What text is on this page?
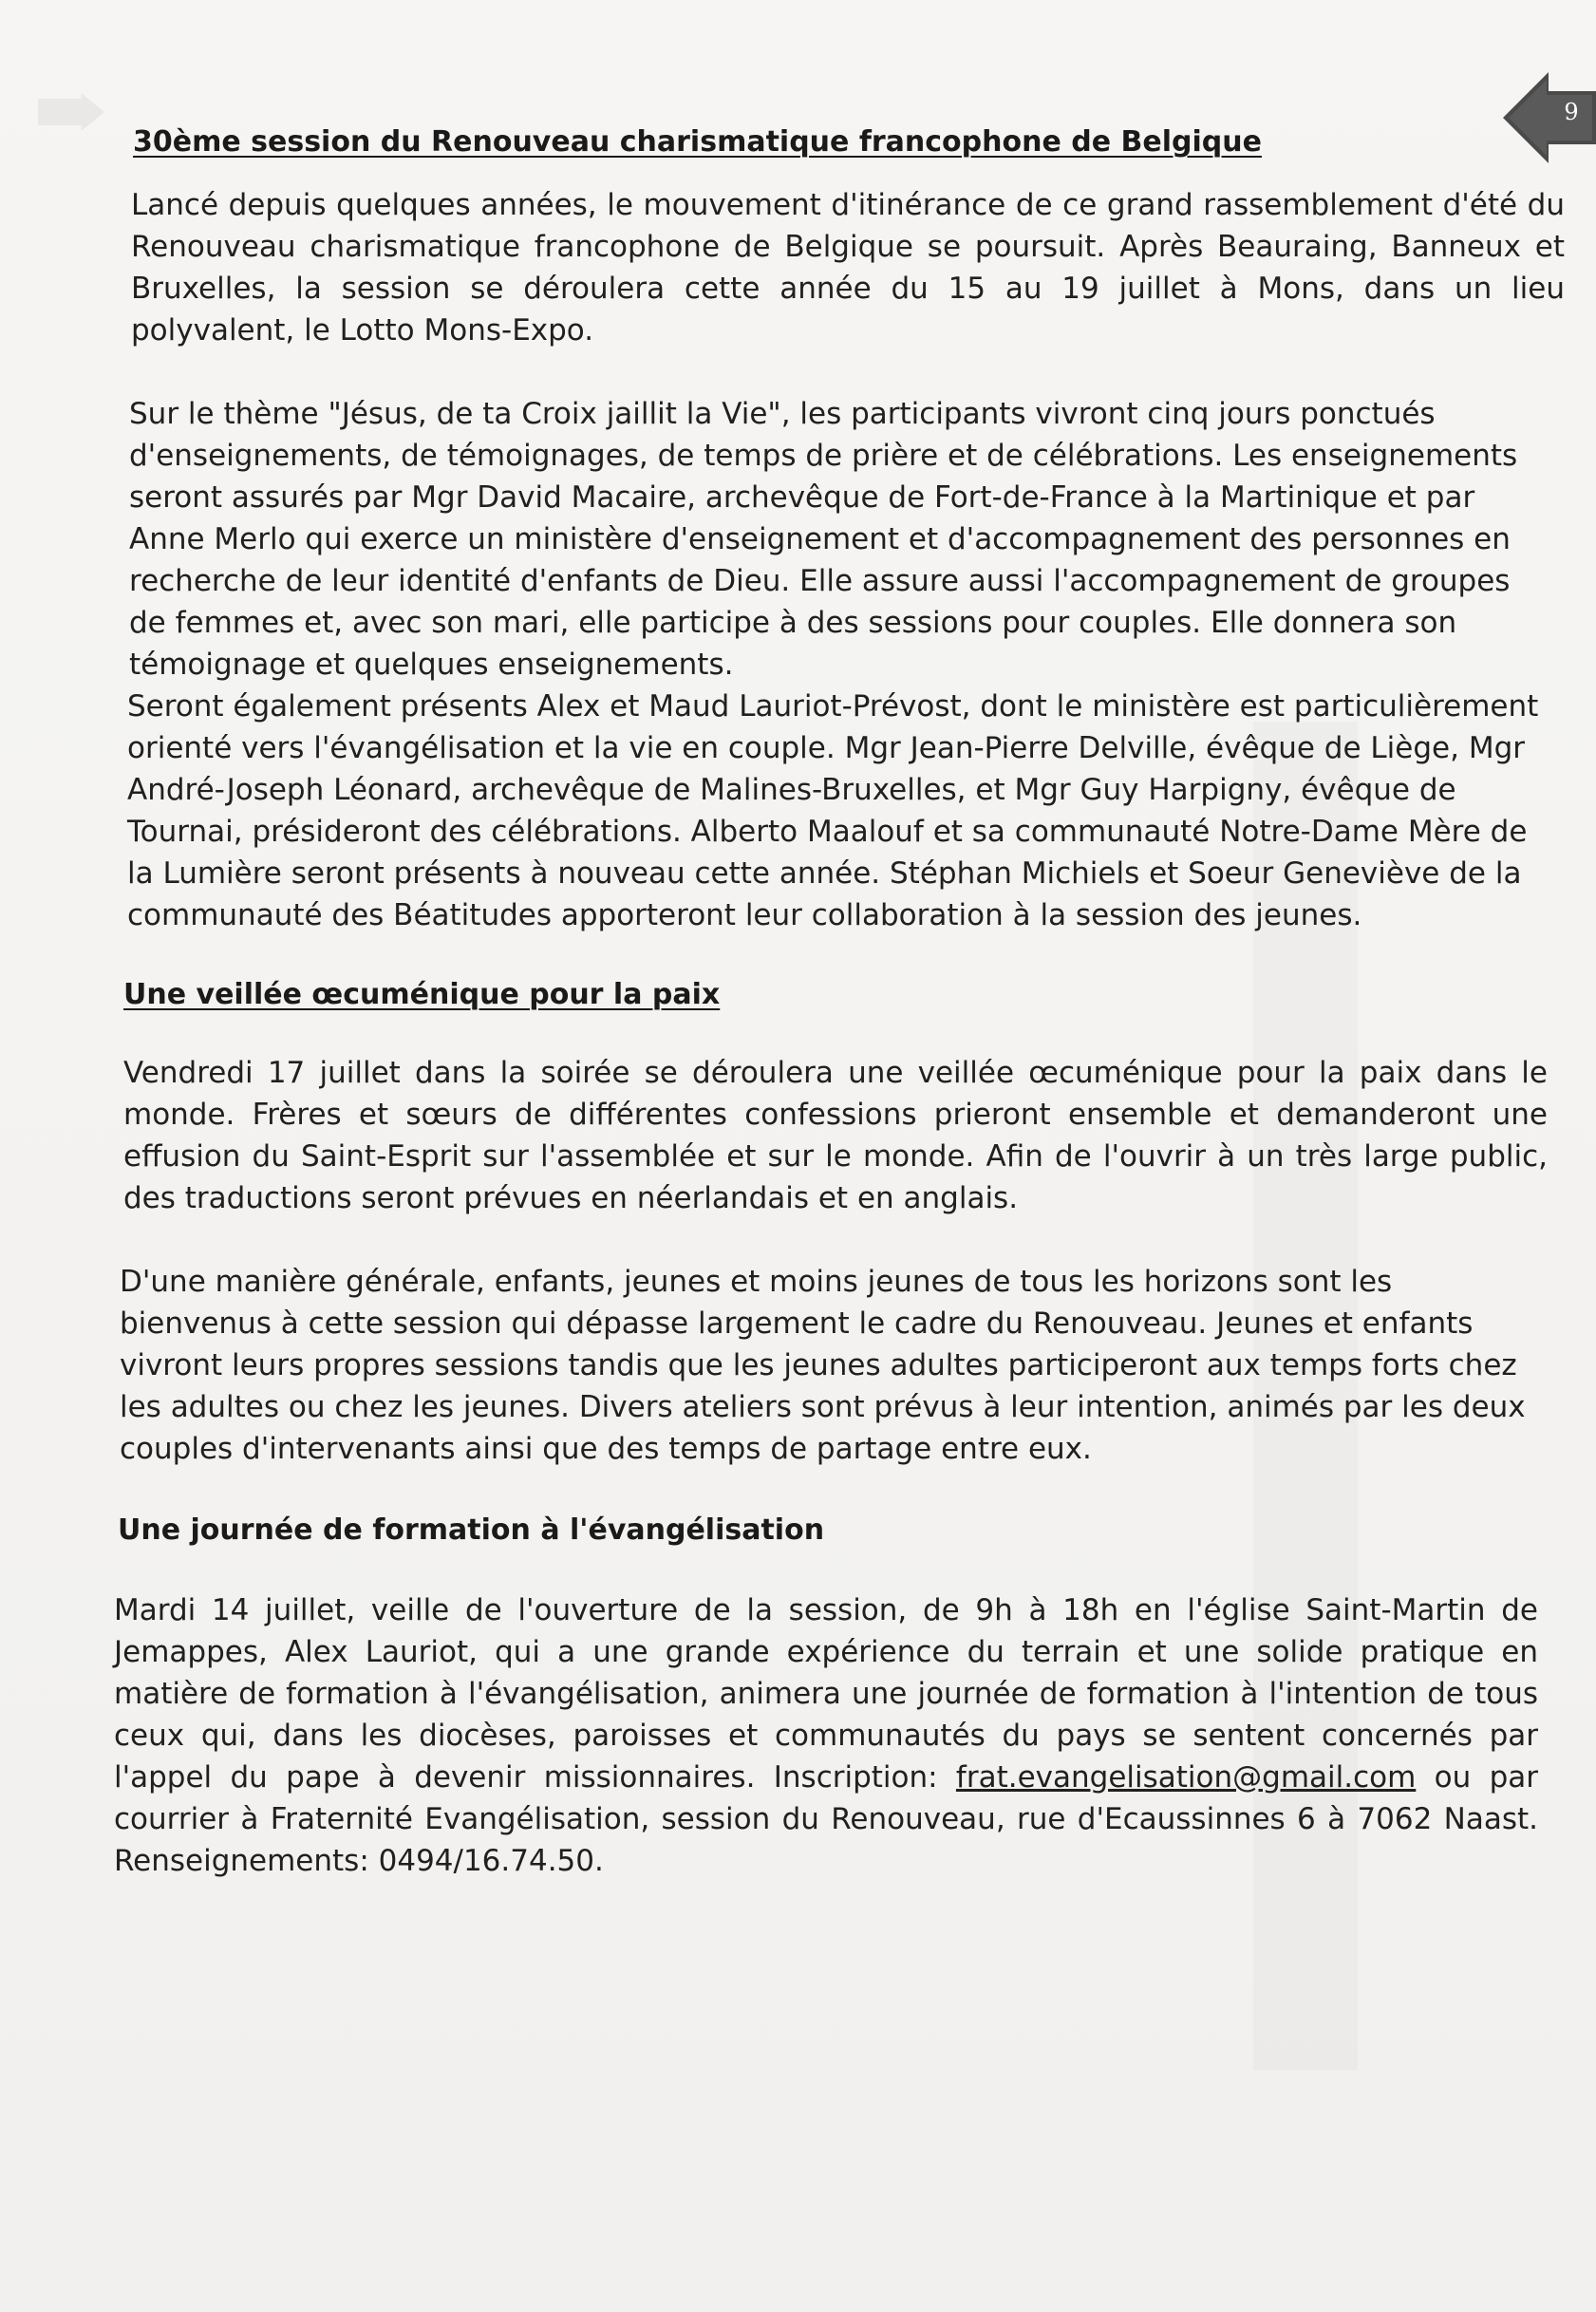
9
30ème session du Renouveau charismatique francophone de Belgique

Lancé depuis quelques années, le mouvement d'itinérance de ce grand rassemblement d'été du Renouveau charismatique francophone de Belgique se poursuit. Après Beauraing, Banneux et Bruxelles, la session se déroulera cette année du 15 au 19 juillet à Mons, dans un lieu polyvalent, le Lotto Mons-Expo.

Sur le thème "Jésus, de ta Croix jaillit la Vie", les participants vivront cinq jours ponctués d'enseignements, de témoignages, de temps de prière et de célébrations. Les enseignements seront assurés par Mgr David Macaire, archevêque de Fort-de-France à la Martinique et par Anne Merlo qui exerce un ministère d'enseignement et d'accompagnement des personnes en recherche de leur identité d'enfants de Dieu. Elle assure aussi l'accompagnement de groupes de femmes et, avec son mari, elle participe à des sessions pour couples. Elle donnera son témoignage et quelques enseignements.

Seront également présents Alex et Maud Lauriot-Prévost, dont le ministère est particulièrement orienté vers l'évangélisation et la vie en couple. Mgr Jean-Pierre Delville, évêque de Liège, Mgr André-Joseph Léonard, archevêque de Malines-Bruxelles, et Mgr Guy Harpigny, évêque de Tournai, présideront des célébrations. Alberto Maalouf et sa communauté Notre-Dame Mère de la Lumière seront présents à nouveau cette année. Stéphan Michiels et Soeur Geneviève de la communauté des Béatitudes apporteront leur collaboration à la session des jeunes.

Une veillée œcuménique pour la paix

Vendredi 17 juillet dans la soirée se déroulera une veillée œcuménique pour la paix dans le monde. Frères et sœurs de différentes confessions prieront ensemble et demanderont une effusion du Saint-Esprit sur l'assemblée et sur le monde. Afin de l'ouvrir à un très large public, des traductions seront prévues en néerlandais et en anglais.

D'une manière générale, enfants, jeunes et moins jeunes de tous les horizons sont les bienvenus à cette session qui dépasse largement le cadre du Renouveau. Jeunes et enfants vivront leurs propres sessions tandis que les jeunes adultes participeront aux temps forts chez les adultes ou chez les jeunes. Divers ateliers sont prévus à leur intention, animés par les deux couples d'intervenants ainsi que des temps de partage entre eux.

Une journée de formation à l'évangélisation

Mardi 14 juillet, veille de l'ouverture de la session, de 9h à 18h en l'église Saint-Martin de Jemappes, Alex Lauriot, qui a une grande expérience du terrain et une solide pratique en matière de formation à l'évangélisation, animera une journée de formation à l'intention de tous ceux qui, dans les diocèses, paroisses et communautés du pays se sentent concernés par l'appel du pape à devenir missionnaires. Inscription: frat.evangelisation@gmail.com ou par courrier à Fraternité Evangélisation, session du Renouveau, rue d'Ecaussinnes 6 à 7062 Naast. Renseignements: 0494/16.74.50.
